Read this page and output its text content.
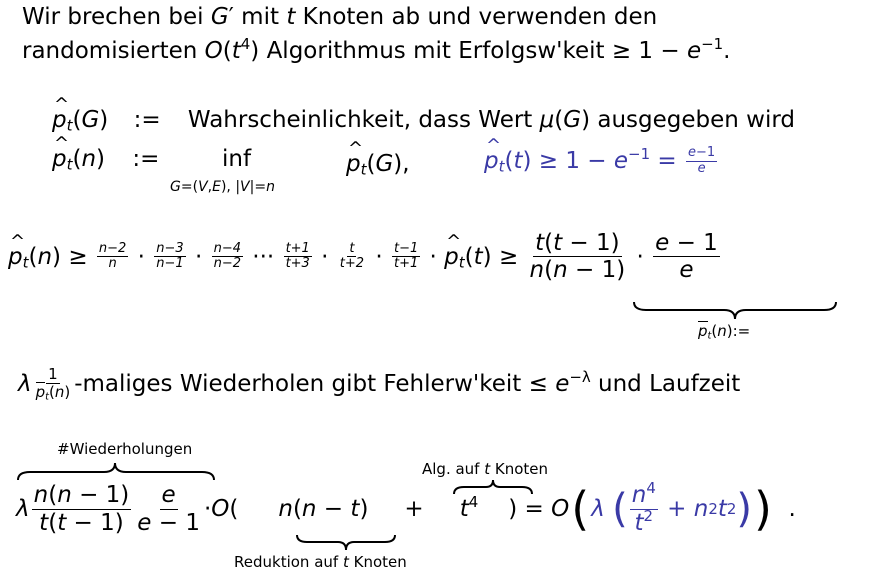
Wir brechen bei G′ mit t Knoten ab und verwenden den
randomisierten $O(t^4)$ Algorithmus mit Erfolgsw'keit ≥ $1 - e^{-1}$.
^ $p_t(G)$ := Wahrscheinlichkeit, dass Wert μ(G) ausgegeben wird
^ $p_t(n)$ :=	inf
G=(V,E), |V|=n
^ $p_t(G)$,	^ $p_t(t) \ge 1 - e^{-1} = \frac{e-1}{e}$
^ $p_t$ ( n ) ≥ $\frac{n-2}{n} \cdot \frac{n-3}{n-1} \cdot \frac{n-4}{n-2}$ ··· $\frac{t+1}{t+3} \cdot \frac{t}{t+2} \cdot \frac{t-1}{t+1}$ · ^ $p_t$ ( t ) ≥ $\frac{t(t - 1)}{n(n - 1)} \cdot \frac{e - 1}{e}$
$p_t(n):=$
λ $\frac{1}{p_t(n)}$ -maliges Wiederholen gibt Fehlerw'keit ≤ $e^{-\lambda}$ und Laufzeit
#Wiederholungen
Alg. auf t Knoten
λ $\frac{n(n - 1)}{t(t - 1)} \frac{e}{e - 1} \cdot O$ ( $n(n - t) + t^4$ ) = O ( λ
( $\frac{n^4}{t^2} + n$ 2 t 2 ) ) .
Reduktion auf t Knoten
